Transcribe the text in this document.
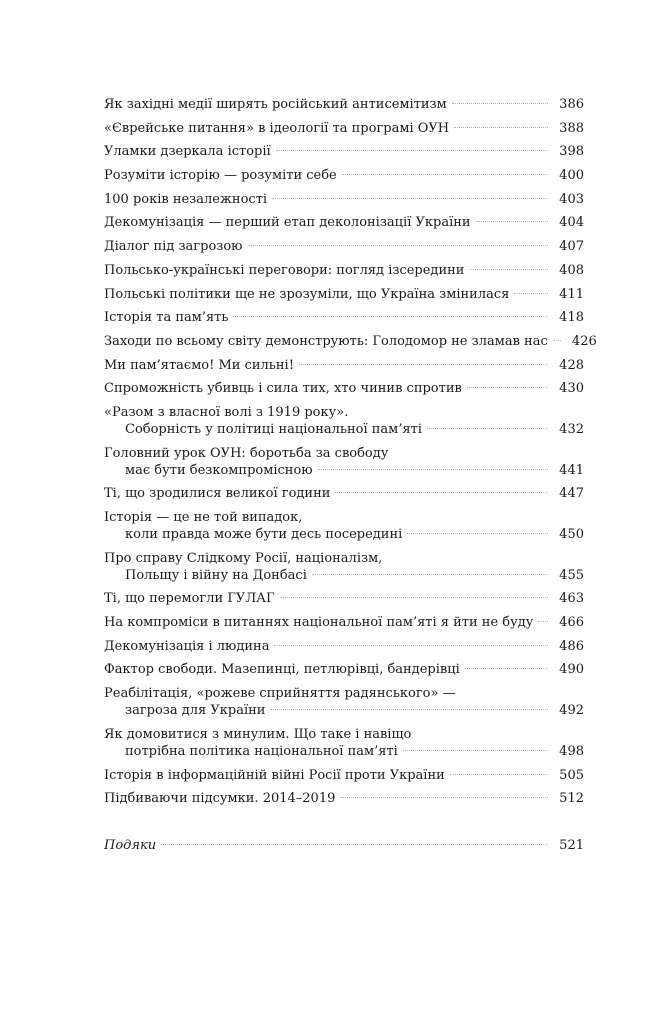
Як західні медії ширять російський антисемітизм	386
«Єврейське питання» в ідеології та програмі ОУН	388
Уламки дзеркала історії	398
Розуміти історію — розуміти себе	400
100 років незалежності	403
Декомунізація — перший етап деколонізації України	404
Діалог під загрозою	407
Польсько-українські переговори: погляд ізсередини	408
Польські політики ще не зрозуміли, що Україна змінилася	411
Історія та пам’ять	418
Заходи по всьому світу демонструють: Голодомор не зламав нас	426
Ми пам’ятаємо! Ми сильні!	428
Спроможність убивць і сила тих, хто чинив спротив	430
«Разом з власної волі з 1919 року».
Соборність у політиці національної пам’яті	432
Головний урок ОУН: боротьба за свободу
має бути безкомпромісною	441
Ті, що зродилися великої години	447
Історія — це не той випадок,
коли правда може бути десь посередині	450
Про справу Слідкому Росії, націоналізм,
Польщу і війну на Донбасі	455
Ті, що перемогли ГУЛАГ	463
На компроміси в питаннях національної пам’яті я йти не буду	466
Декомунізація і людина	486
Фактор свободи. Мазепинці, петлюрівці, бандерівці	490
Реабілітація, «рожеве сприйняття радянського» —
загроза для України	492
Як домовитися з минулим. Що таке і навіщо
потрібна політика національної пам’яті	498
Історія в інформаційній війні Росії проти України	505
Підбиваючи підсумки. 2014–2019	512
Подяки	521
